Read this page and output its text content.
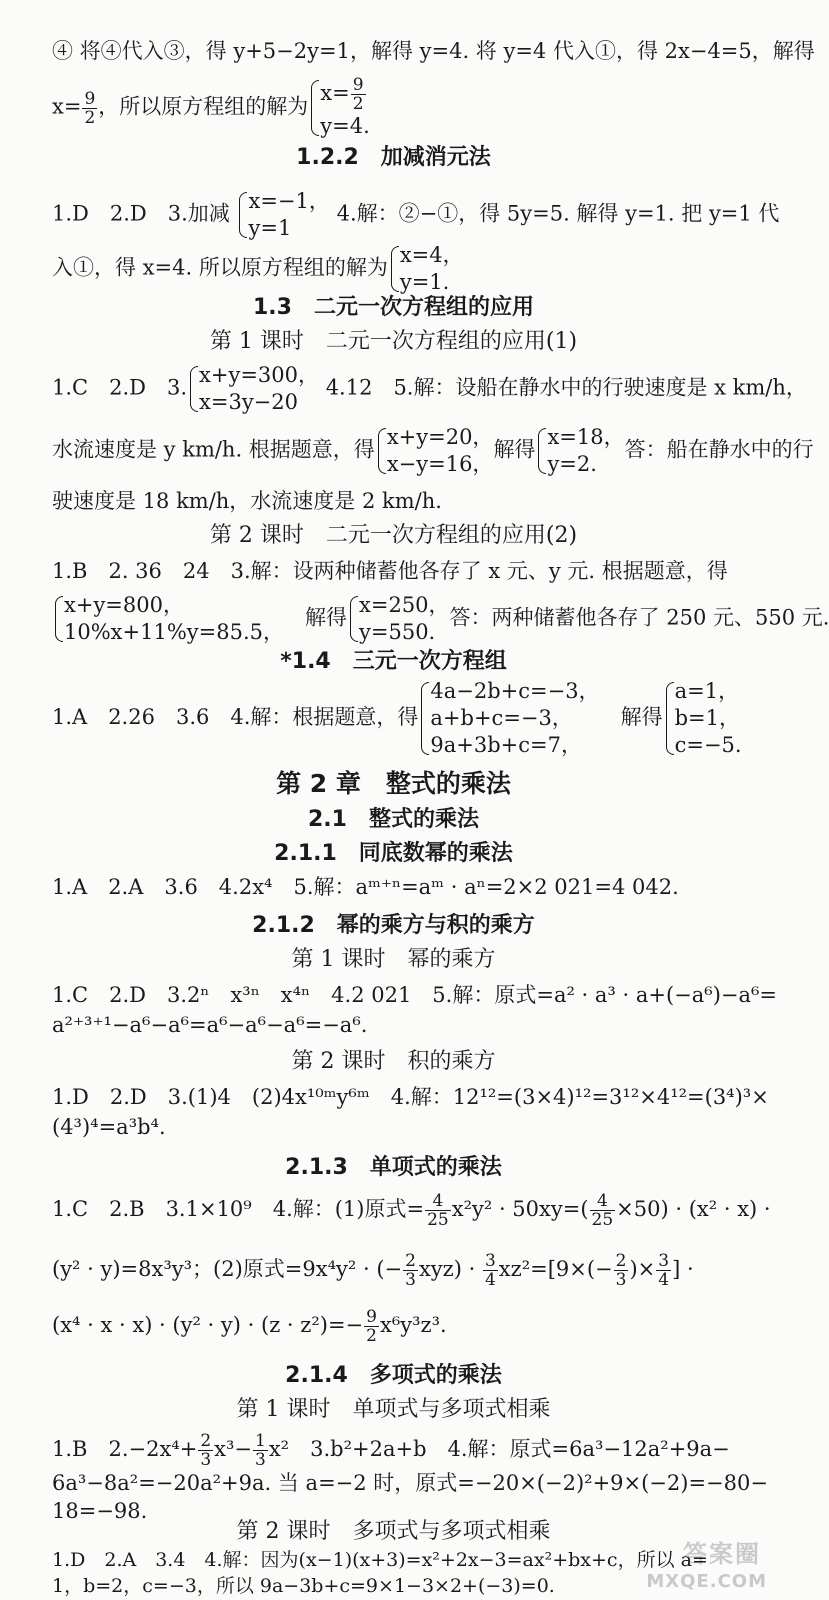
④ 将④代入③，得 y+5−2y=1，解得 y=4. 将 y=4 代入①，得 2x−4=5，解得
$x= \frac{9}{2}$ ，所以原方程组的解为
$x= \frac{9}{2}$
y=4.
1.2.2　加减消元法
1.D　2.D　3.加减
x=−1，
y=1
4.解：②−①，得 5y=5. 解得 y=1. 把 y=1 代
入①，得 x=4. 所以原方程组的解为
x=4，
y=1.
1.3　二元一次方程组的应用
第 1 课时　二元一次方程组的应用(1)
1.C　2.D　3.
x+y=300，
x=3y−20
4.12　5.解：设船在静水中的行驶速度是 x km/h，
水流速度是 y km/h. 根据题意，得
x+y=20，
x−y=16，
解得
x=18，
y=2.
答：船在静水中的行
驶速度是 18 km/h，水流速度是 2 km/h.
第 2 课时　二元一次方程组的应用(2)
1.B　2. 36　24　3.解：设两种储蓄他各存了 x 元、y 元. 根据题意，得
x+y=800，
10%x+11%y=85.5，
　解得
x=250，
y=550.
答：两种储蓄他各存了 250 元、550 元.
*1.4　三元一次方程组
1.A　2.26　3.6　4.解：根据题意，得
4a−2b+c=−3，
a+b+c=−3，
9a+3b+c=7，
　解得
a=1，
b=1，
c=−5.
第 2 章　整式的乘法
2.1　整式的乘法
2.1.1　同底数幂的乘法
1.A　2.A　3.6　4.2x⁴　5.解：aᵐ⁺ⁿ=aᵐ · aⁿ=2×2 021=4 042.
2.1.2　幂的乘方与积的乘方
第 1 课时　幂的乘方
1.C　2.D　3.2ⁿ　x³ⁿ　x⁴ⁿ　4.2 021　5.解：原式=a² · a³ · a+(−a⁶)−a⁶=
a²⁺³⁺¹−a⁶−a⁶=a⁶−a⁶−a⁶=−a⁶.
第 2 课时　积的乘方
1.D　2.D　3.(1)4　(2)4x¹⁰ᵐy⁶ᵐ　4.解：12¹²=(3×4)¹²=3¹²×4¹²=(3⁴)³×
(4³)⁴=a³b⁴.
2.1.3　单项式的乘法
1.C　2.B　3.1×10⁹　4.解：(1)原式= $\frac{4}{25} x^2y^2 \cdot 50xy=( \frac{4}{25} \times 50) \cdot (x^2 \cdot x)$ ·
(y² · y)=8x³y³；(2)原式=9x⁴y² · (− $\frac{2}{3} xyz) \cdot \frac{3}{4} xz^2=[9\times(- \frac{2}{3}$ )× $\frac{3}{4}$ ] ·
$(x^4 \cdot x \cdot x) \cdot (y^2 \cdot y) \cdot (z \cdot z^2)=- \frac{9}{2} x^6y^3z^3$.
2.1.4　多项式的乘法
第 1 课时　单项式与多项式相乘
1.B　$2.-2x^4+ \frac{2}{3} x^3- \frac{1}{3} x^2$　3.b²+2a+b　4.解：原式=6a³−12a²+9a−
6a³−8a²=−20a²+9a. 当 a=−2 时，原式=−20×(−2)²+9×(−2)=−80−
18=−98.
答案圈
MXQE.COM
第 2 课时　多项式与多项式相乘
1.D　2.A　3.4　4.解：因为(x−1)(x+3)=x²+2x−3=ax²+bx+c，所以 a=
1，b=2，c=−3，所以 9a−3b+c=9×1−3×2+(−3)=0.
